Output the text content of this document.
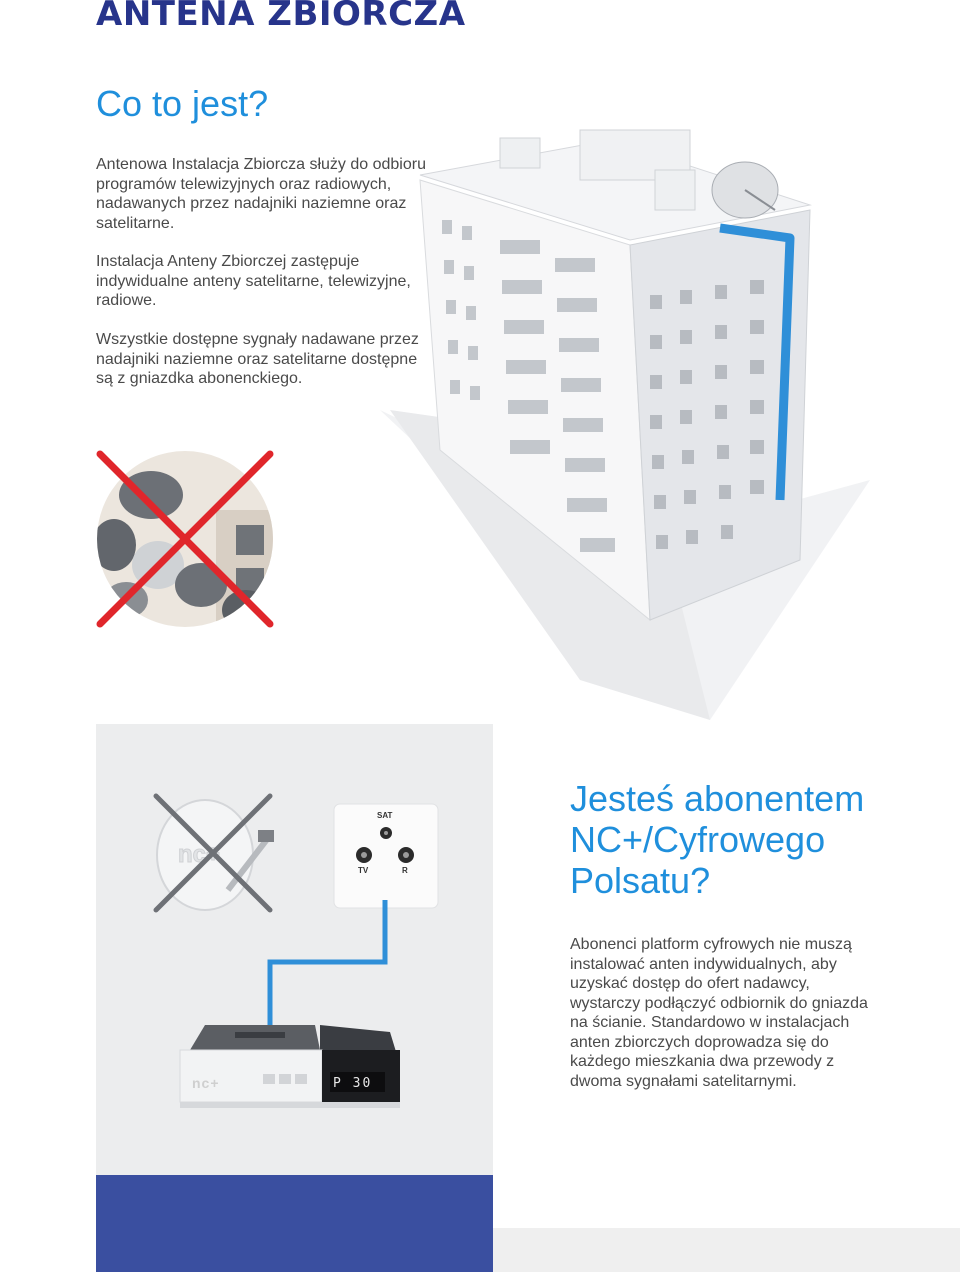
ANTENA ZBIORCZA
Co to jest?

Antenowa Instalacja Zbiorcza służy do odbioru programów telewizyjnych oraz radiowych, nadawanych przez nadajniki naziemne oraz satelitarne.

Instalacja Anteny Zbiorczej zastępuje indywidualne anteny satelitarne, telewizyjne, radiowe.

Wszystkie dostępne sygnały nadawane przez nadajniki naziemne oraz satelitarne dostępne są z gniazdka abonenckiego.

nc+
SAT
TV	R
nc+	P 30
Jesteś abonentem NC+/Cyfrowego Polsatu?

Abonenci platform cyfrowych nie muszą instalować anten indywidualnych, aby uzyskać dostęp do ofert nadawcy, wystarczy podłączyć odbiornik do gniazda na ścianie. Standardowo w instalacjach anten zbiorczych doprowadza się do każdego mieszkania dwa przewody z dwoma sygnałami satelitarnymi.
